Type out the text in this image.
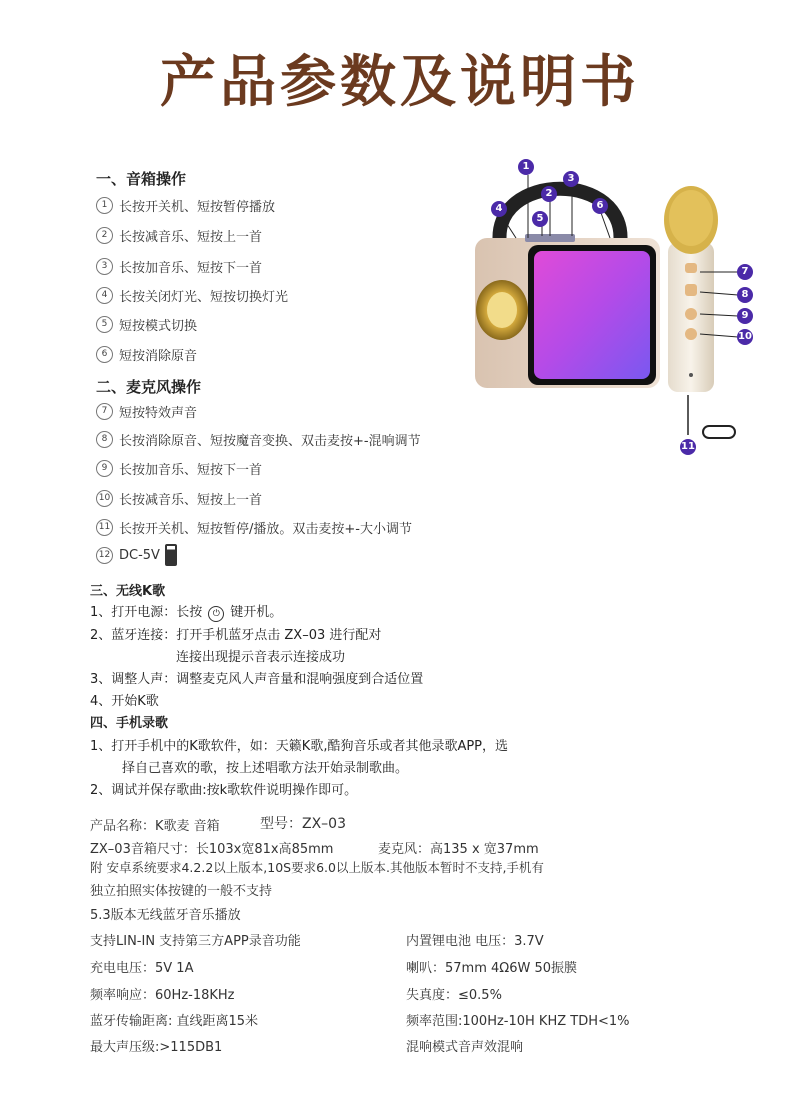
产品参数及说明书
一、音箱操作
1 长按开关机、短按暂停播放
2 长按减音乐、短按上一首
3 长按加音乐、短按下一首
4 长按关闭灯光、短按切换灯光
5 短按模式切换
6 短按消除原音
二、麦克风操作
7 短按特效声音
8 长按消除原音、短按魔音变换、双击麦按+-混响调节
9 长按加音乐、短按下一首
10 长按减音乐、短按上一首
11 长按开关机、短按暂停/播放。双击麦按+-大小调节
12 DC-5V
三、无线K歌
1、打开电源：长按 ⏻ 键开机。
2、蓝牙连接：打开手机蓝牙点击 ZX–03 进行配对
连接出现提示音表示连接成功
3、调整人声：调整麦克风人声音量和混响强度到合适位置
4、开始K歌
四、手机录歌
1、打开手机中的K歌软件，如：天籁K歌,酷狗音乐或者其他录歌APP，选
择自己喜欢的歌，按上述唱歌方法开始录制歌曲。
2、调试并保存歌曲:按k歌软件说明操作即可。
产品名称：K歌麦 音箱	型号：ZX–03
ZX–03音箱尺寸：长103x宽81x高85mm	麦克风：高135 x 宽37mm
附 安卓系统要求4.2.2以上版本,10S要求6.0以上版本.其他版本暂时不支持,手机有
独立拍照实体按键的一般不支持
5.3版本无线蓝牙音乐播放
支持LIN-IN 支持第三方APP录音功能
充电电压：5V 1A
频率响应：60Hz-18KHz
蓝牙传输距离: 直线距离15米
最大声压级:>115DB1
内置锂电池 电压：3.7V
喇叭：57mm 4Ω6W 50振膜
失真度：≤0.5%
频率范围:100Hz-10H KHZ TDH<1%
混响模式音声效混响
1
2
3
4
5
6
7
8
9
10
11
